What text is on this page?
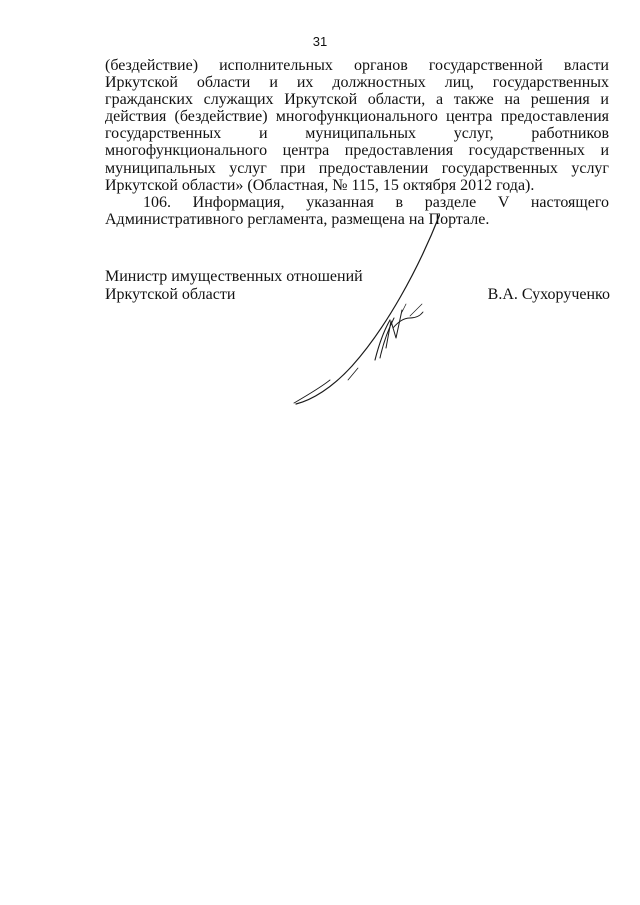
31

(бездействие) исполнительных органов государственной власти Иркутской области и их должностных лиц, государственных гражданских служащих Иркутской области, а также на решения и действия (бездействие) многофункционального центра предоставления государственных и муниципальных услуг, работников многофункционального центра предоставления государственных и муниципальных услуг при предоставлении государственных услуг Иркутской области» (Областная, № 115, 15 октября 2012 года).

106. Информация, указанная в разделе V настоящего Административного регламента, размещена на Портале.

Министр имущественных отношений
Иркутской области	В.А. Сухорученко
